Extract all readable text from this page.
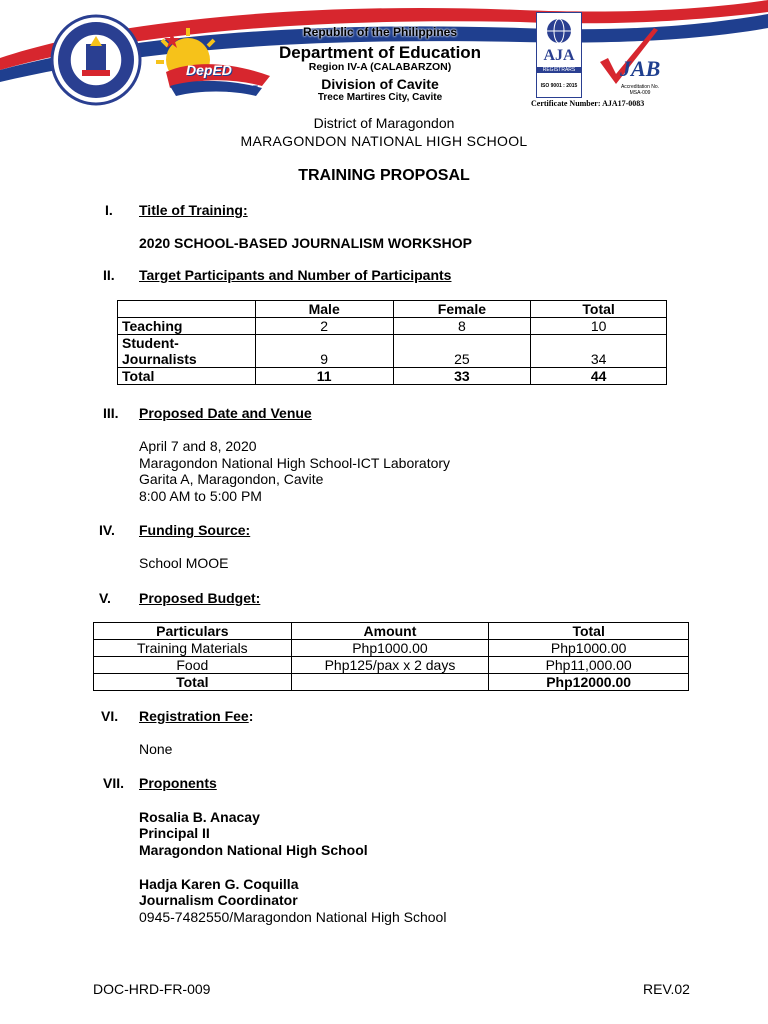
DepED
CAVITE
Republic of the Philippines
Department of Education
Region IV-A (CALABARZON)
Division of Cavite
Trece Martires City, Cavite
AJA
REGISTRARS
ISO 9001 : 2015
JAB
Accreditation No. MSA-009
Certificate Number: AJA17-0083
District of Maragondon
MARAGONDON NATIONAL HIGH SCHOOL
TRAINING PROPOSAL
I. Title of Training:
2020 SCHOOL-BASED JOURNALISM WORKSHOP
II. Target Participants and Number of Participants
	Male	Female	Total
Teaching	2	8	10
Student-
Journalists	9	25	34
Total	11	33	44
III. Proposed Date and Venue
April 7 and 8, 2020
Maragondon National High School-ICT Laboratory
Garita A, Maragondon, Cavite
8:00 AM to 5:00 PM
IV. Funding Source:
School MOOE
V. Proposed Budget:
Particulars	Amount	Total
Training Materials	Php1000.00	Php1000.00
Food	Php125/pax x 2 days	Php11,000.00
Total		Php12000.00
VI. Registration Fee:
None
VII. Proponents
Rosalia B. Anacay
Principal II
Maragondon National High School
Hadja Karen G. Coquilla
Journalism Coordinator
0945-7482550/Maragondon National High School
DOC-HRD-FR-009	REV.02
